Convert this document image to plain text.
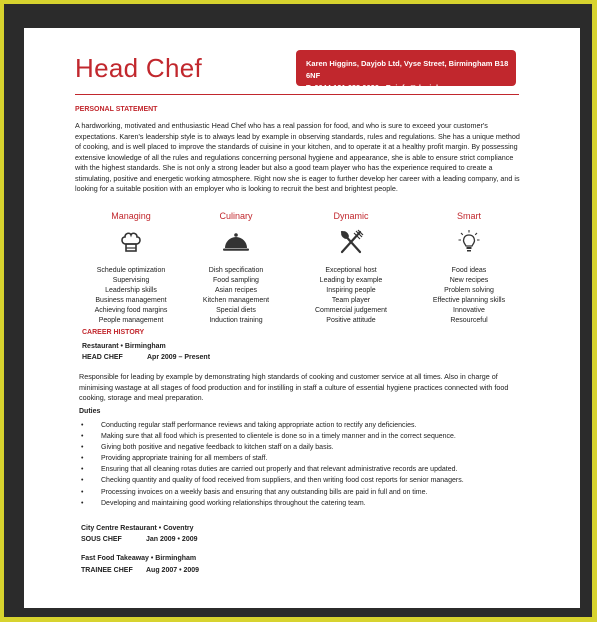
Head Chef	Karen Higgins, Dayjob Ltd, Vyse Street, Birmingham B18 6NF
T: 0044 121 638 0026 • E: info@dayjob.com
PERSONAL STATEMENT
A hardworking, motivated and enthusiastic Head Chef who has a real passion for food, and who is sure to exceed your customer's expectations. Karen's leadership style is to always lead by example in observing standards, rules and regulations. She has a unique method of cooking, and is well placed to improve the standards of cuisine in your kitchen, and to operate it at a healthy profit margin. By possessing extensive knowledge of all the rules and regulations concerning personal hygiene and appearance, she is able to ensure strict compliance with the highest standards. She is not only a strong leader but also a good team player who has the experience required to create a stimulating, positive and energetic working atmosphere. Right now she is eager to further develop her career with a leading company, and is looking for a suitable position with an employer who is looking to recruit the best and brightest people.
Managing
Schedule optimization
Supervising
Leadership skills
Business management
Achieving food margins
People management
Culinary
Dish specification
Food sampling
Asian recipes
Kitchen management
Special diets
Induction training
Dynamic
Exceptional host
Leading by example
Inspiring people
Team player
Commercial judgement
Positive attitude
Smart
Food ideas
New recipes
Problem solving
Effective planning skills
Innovative
Resourceful
CAREER HISTORY
Restaurant • Birmingham
HEAD CHEF	Apr 2009 – Present
Responsible for leading by example by demonstrating high standards of cooking and customer service at all times. Also in charge of minimising wastage at all stages of food production and for instilling in staff a culture of essential hygiene practices connected with food cooking, storage and meal preparation.
Duties
• Conducting regular staff performance reviews and taking appropriate action to rectify any deficiencies.
• Making sure that all food which is presented to clientele is done so in a timely manner and in the correct sequence.
• Giving both positive and negative feedback to kitchen staff on a daily basis.
• Providing appropriate training for all members of staff.
• Ensuring that all cleaning rotas duties are carried out properly and that relevant administrative records are updated.
• Checking quantity and quality of food received from suppliers, and then writing food cost reports for senior managers.
• Processing invoices on a weekly basis and ensuring that any outstanding bills are paid in full and on time.
• Developing and maintaining good working relationships throughout the catering team.
City Centre Restaurant • Coventry
SOUS CHEF	Jan 2009 • 2009
Fast Food Takeaway • Birmingham
TRAINEE CHEF Aug 2007 • 2009
